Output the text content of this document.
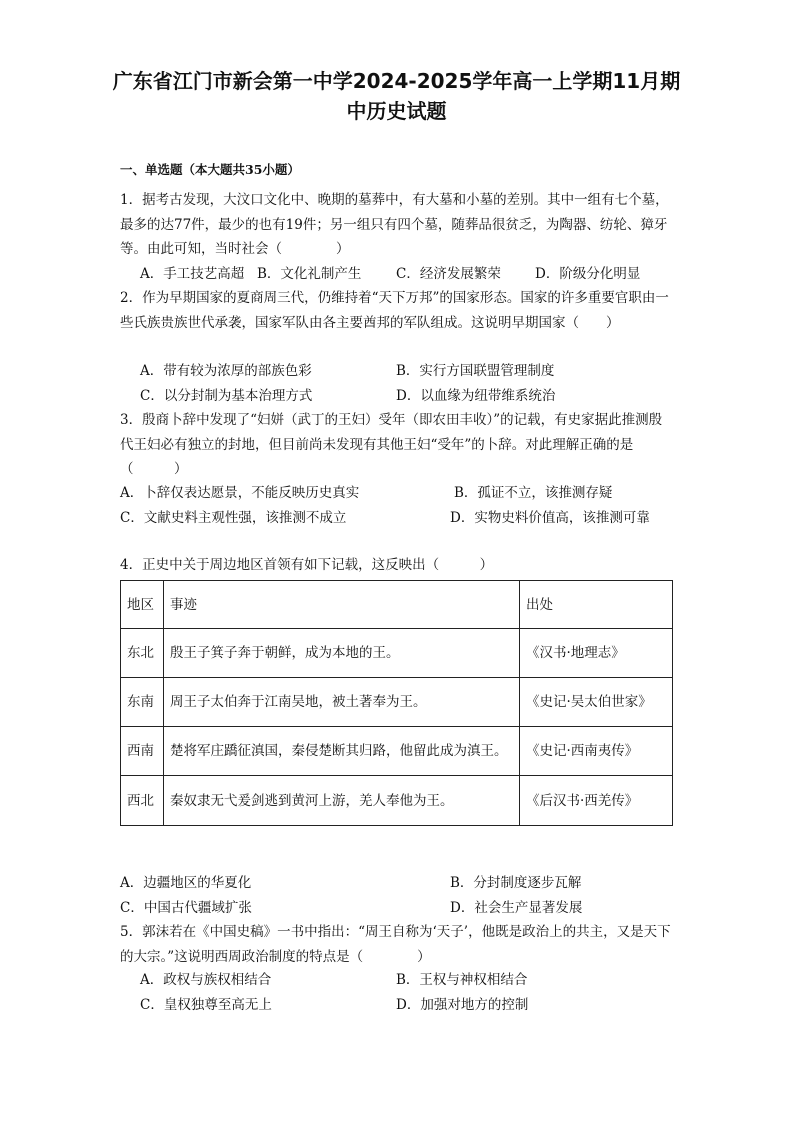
广东省江门市新会第一中学2024-2025学年高一上学期11月期中历史试题
一、单选题（本大题共35小题）
1．据考古发现，大汶口文化中、晚期的墓葬中，有大墓和小墓的差别。其中一组有七个墓，最多的达77件，最少的也有19件；另一组只有四个墓，随葬品很贫乏，为陶器、纺轮、獐牙等。由此可知，当时社会（　　　　）
A．手工技艺高超 B．文化礼制产生	C．经济发展繁荣	D．阶级分化明显
2．作为早期国家的夏商周三代，仍维持着“天下万邦”的国家形态。国家的许多重要官职由一些氏族贵族世代承袭，国家军队由各主要酋邦的军队组成。这说明早期国家（　　）
A．带有较为浓厚的部族色彩	B．实行方国联盟管理制度
C．以分封制为基本治理方式	D．以血缘为纽带维系统治
3．殷商卜辞中发现了“妇姘（武丁的王妇）受年（即农田丰收）”的记载，有史家据此推测殷代王妇必有独立的封地，但目前尚未发现有其他王妇“受年”的卜辞。对此理解正确的是（　　　）
A．卜辞仅表达愿景，不能反映历史真实	B．孤证不立，该推测存疑
C．文献史料主观性强，该推测不成立	D．实物史料价值高，该推测可靠
4．正史中关于周边地区首领有如下记载，这反映出（　　　）
地区	事迹	出处
东北	殷王子箕子奔于朝鲜，成为本地的王。	《汉书·地理志》
东南	周王子太伯奔于江南吴地，被土著奉为王。	《史记·吴太伯世家》
西南	楚将军庄蹻征滇国，秦侵楚断其归路，他留此成为滇王。	《史记·西南夷传》
西北	秦奴隶无弋爰剑逃到黄河上游，羌人奉他为王。	《后汉书·西羌传》
A．边疆地区的华夏化	B．分封制度逐步瓦解
C．中国古代疆域扩张	D．社会生产显著发展
5．郭沫若在《中国史稿》一书中指出：“周王自称为‘天子’，他既是政治上的共主，又是天下的大宗。”这说明西周政治制度的特点是（　　　　）
A．政权与族权相结合	B．王权与神权相结合
C．皇权独尊至高无上	D．加强对地方的控制
